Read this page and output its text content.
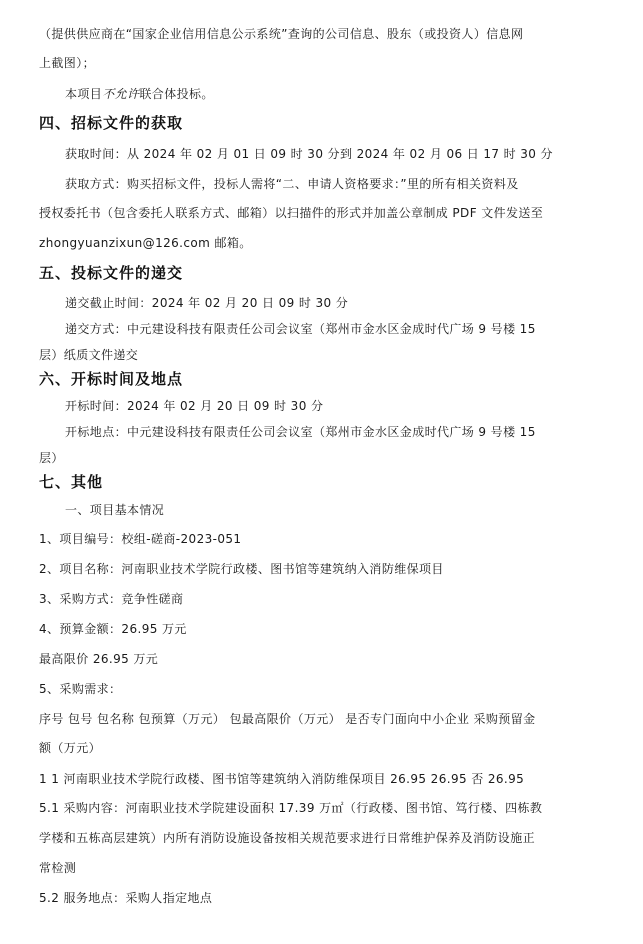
（提供供应商在“国家企业信用信息公示系统”查询的公司信息、股东（或投资人）信息网
上截图）；
本项目不允许联合体投标。
四、招标文件的获取
获取时间：从 2024 年 02 月 01 日 09 时 30 分到 2024 年 02 月 06 日 17 时 30 分
获取方式：购买招标文件，投标人需将“二、申请人资格要求：”里的所有相关资料及
授权委托书（包含委托人联系方式、邮箱）以扫描件的形式并加盖公章制成 PDF 文件发送至
zhongyuanzixun@126.com 邮箱。
五、投标文件的递交
递交截止时间：2024 年 02 月 20 日 09 时 30 分
递交方式：中元建设科技有限责任公司会议室（郑州市金水区金成时代广场 9 号楼 15
层）纸质文件递交
六、开标时间及地点
开标时间：2024 年 02 月 20 日 09 时 30 分
开标地点：中元建设科技有限责任公司会议室（郑州市金水区金成时代广场 9 号楼 15
层）
七、其他
一、项目基本情况
1、项目编号：校组-磋商-2023-051
2、项目名称：河南职业技术学院行政楼、图书馆等建筑纳入消防维保项目
3、采购方式：竞争性磋商
4、预算金额：26.95 万元
最高限价 26.95 万元
5、采购需求：
序号 包号 包名称 包预算（万元） 包最高限价（万元） 是否专门面向中小企业 采购预留金
额（万元）
1 1 河南职业技术学院行政楼、图书馆等建筑纳入消防维保项目 26.95 26.95 否 26.95
5.1 采购内容：河南职业技术学院建设面积 17.39 万㎡（行政楼、图书馆、笃行楼、四栋教
学楼和五栋高层建筑）内所有消防设施设备按相关规范要求进行日常维护保养及消防设施正
常检测
5.2 服务地点：采购人指定地点
